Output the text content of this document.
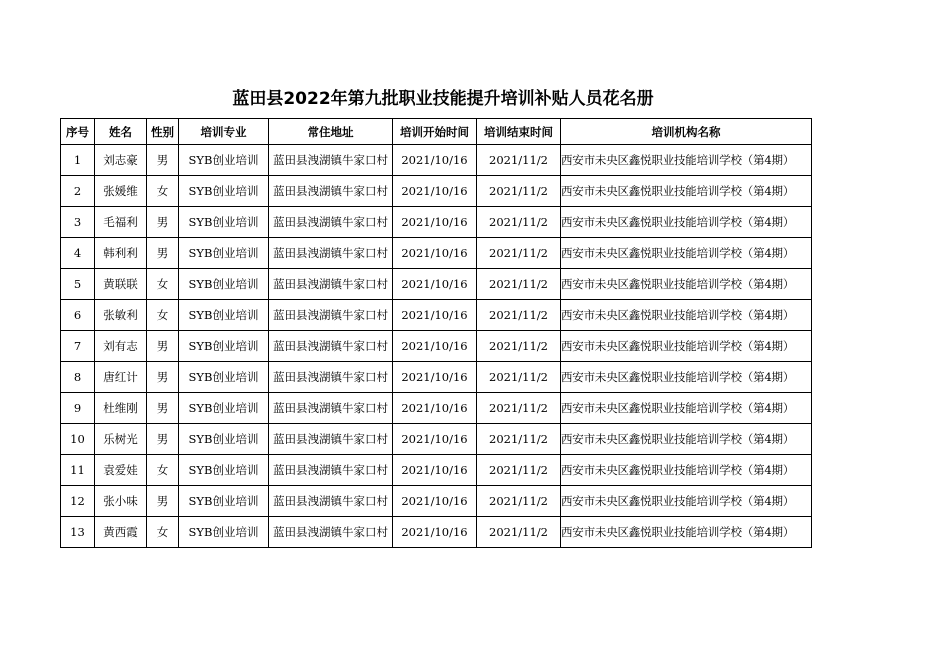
蓝田县2022年第九批职业技能提升培训补贴人员花名册
序号	姓名	性别	培训专业	常住地址	培训开始时间	培训结束时间	培训机构名称
1	刘志豪	男	SYB创业培训	蓝田县洩湖镇牛家口村	2021/10/16	2021/11/2	西安市未央区鑫悦职业技能培训学校（第4期）
2	张媛维	女	SYB创业培训	蓝田县洩湖镇牛家口村	2021/10/16	2021/11/2	西安市未央区鑫悦职业技能培训学校（第4期）
3	毛福利	男	SYB创业培训	蓝田县洩湖镇牛家口村	2021/10/16	2021/11/2	西安市未央区鑫悦职业技能培训学校（第4期）
4	韩利利	男	SYB创业培训	蓝田县洩湖镇牛家口村	2021/10/16	2021/11/2	西安市未央区鑫悦职业技能培训学校（第4期）
5	黄联联	女	SYB创业培训	蓝田县洩湖镇牛家口村	2021/10/16	2021/11/2	西安市未央区鑫悦职业技能培训学校（第4期）
6	张敏利	女	SYB创业培训	蓝田县洩湖镇牛家口村	2021/10/16	2021/11/2	西安市未央区鑫悦职业技能培训学校（第4期）
7	刘有志	男	SYB创业培训	蓝田县洩湖镇牛家口村	2021/10/16	2021/11/2	西安市未央区鑫悦职业技能培训学校（第4期）
8	唐红计	男	SYB创业培训	蓝田县洩湖镇牛家口村	2021/10/16	2021/11/2	西安市未央区鑫悦职业技能培训学校（第4期）
9	杜维刚	男	SYB创业培训	蓝田县洩湖镇牛家口村	2021/10/16	2021/11/2	西安市未央区鑫悦职业技能培训学校（第4期）
10	乐树光	男	SYB创业培训	蓝田县洩湖镇牛家口村	2021/10/16	2021/11/2	西安市未央区鑫悦职业技能培训学校（第4期）
11	袁爱娃	女	SYB创业培训	蓝田县洩湖镇牛家口村	2021/10/16	2021/11/2	西安市未央区鑫悦职业技能培训学校（第4期）
12	张小味	男	SYB创业培训	蓝田县洩湖镇牛家口村	2021/10/16	2021/11/2	西安市未央区鑫悦职业技能培训学校（第4期）
13	黄西霞	女	SYB创业培训	蓝田县洩湖镇牛家口村	2021/10/16	2021/11/2	西安市未央区鑫悦职业技能培训学校（第4期）
